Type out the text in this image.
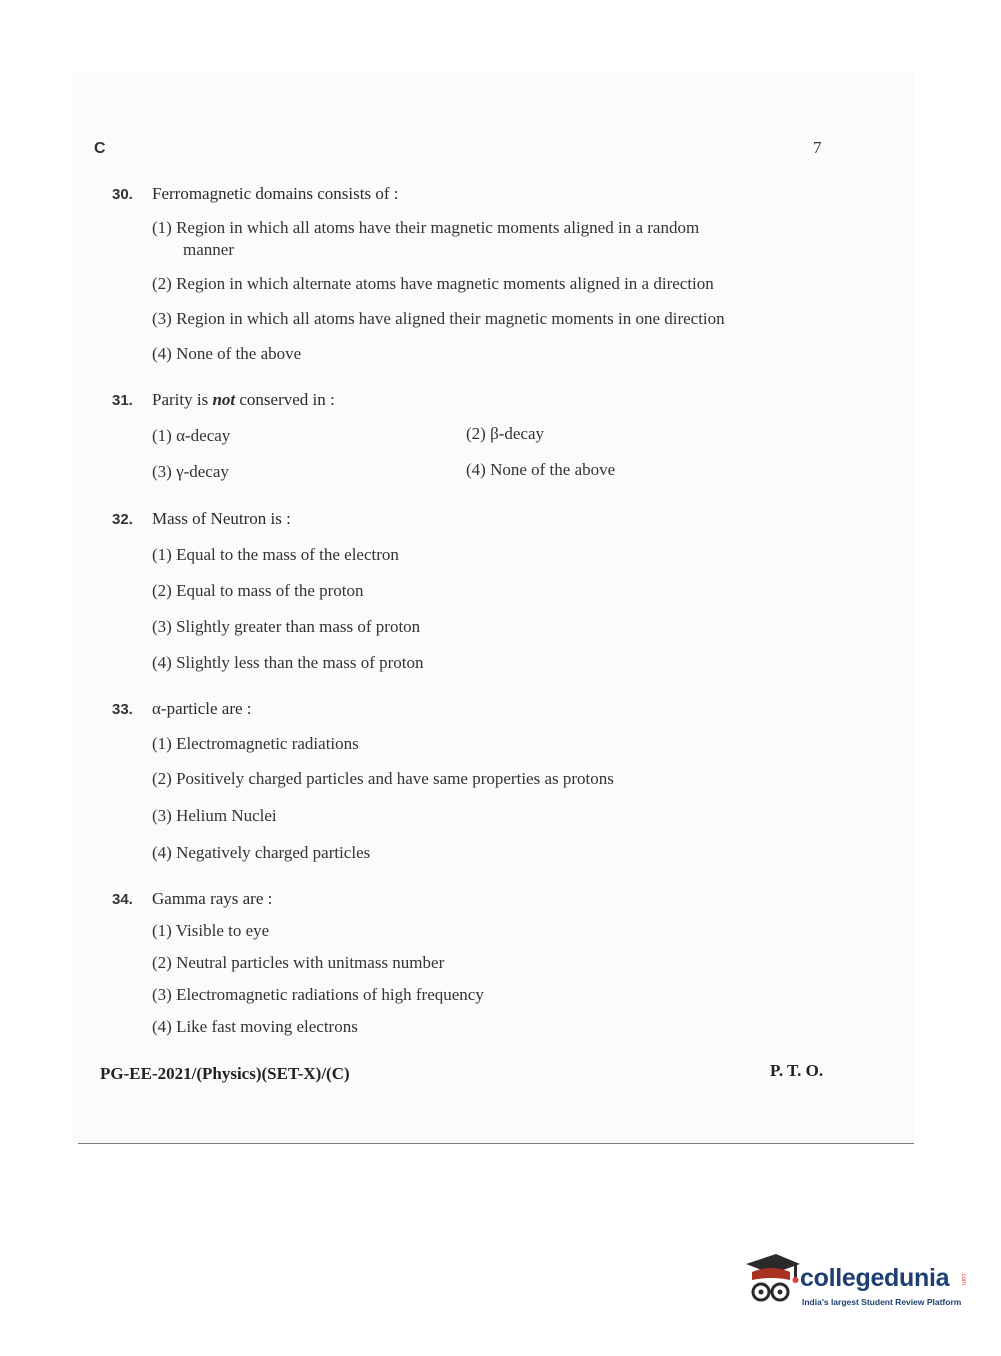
C	7
30.	Ferromagnetic domains consists of :
(1) Region in which all atoms have their magnetic moments aligned in a random
manner
(2) Region in which alternate atoms have magnetic moments aligned in a direction
(3) Region in which all atoms have aligned their magnetic moments in one direction
(4) None of the above
31.	Parity is not conserved in :
(1) α-decay	(2) β-decay
(3) γ-decay	(4) None of the above
32.	Mass of Neutron is :
(1) Equal to the mass of the electron
(2) Equal to mass of the proton
(3) Slightly greater than mass of proton
(4) Slightly less than the mass of proton
33.	α-particle are :
(1) Electromagnetic radiations
(2) Positively charged particles and have same properties as protons
(3) Helium Nuclei
(4) Negatively charged particles
34.	Gamma rays are :
(1) Visible to eye
(2) Neutral particles with unitmass number
(3) Electromagnetic radiations of high frequency
(4) Like fast moving electrons
PG-EE-2021/(Physics)(SET-X)/(C)	P. T. O.
collegedunia .com
India's largest Student Review Platform
